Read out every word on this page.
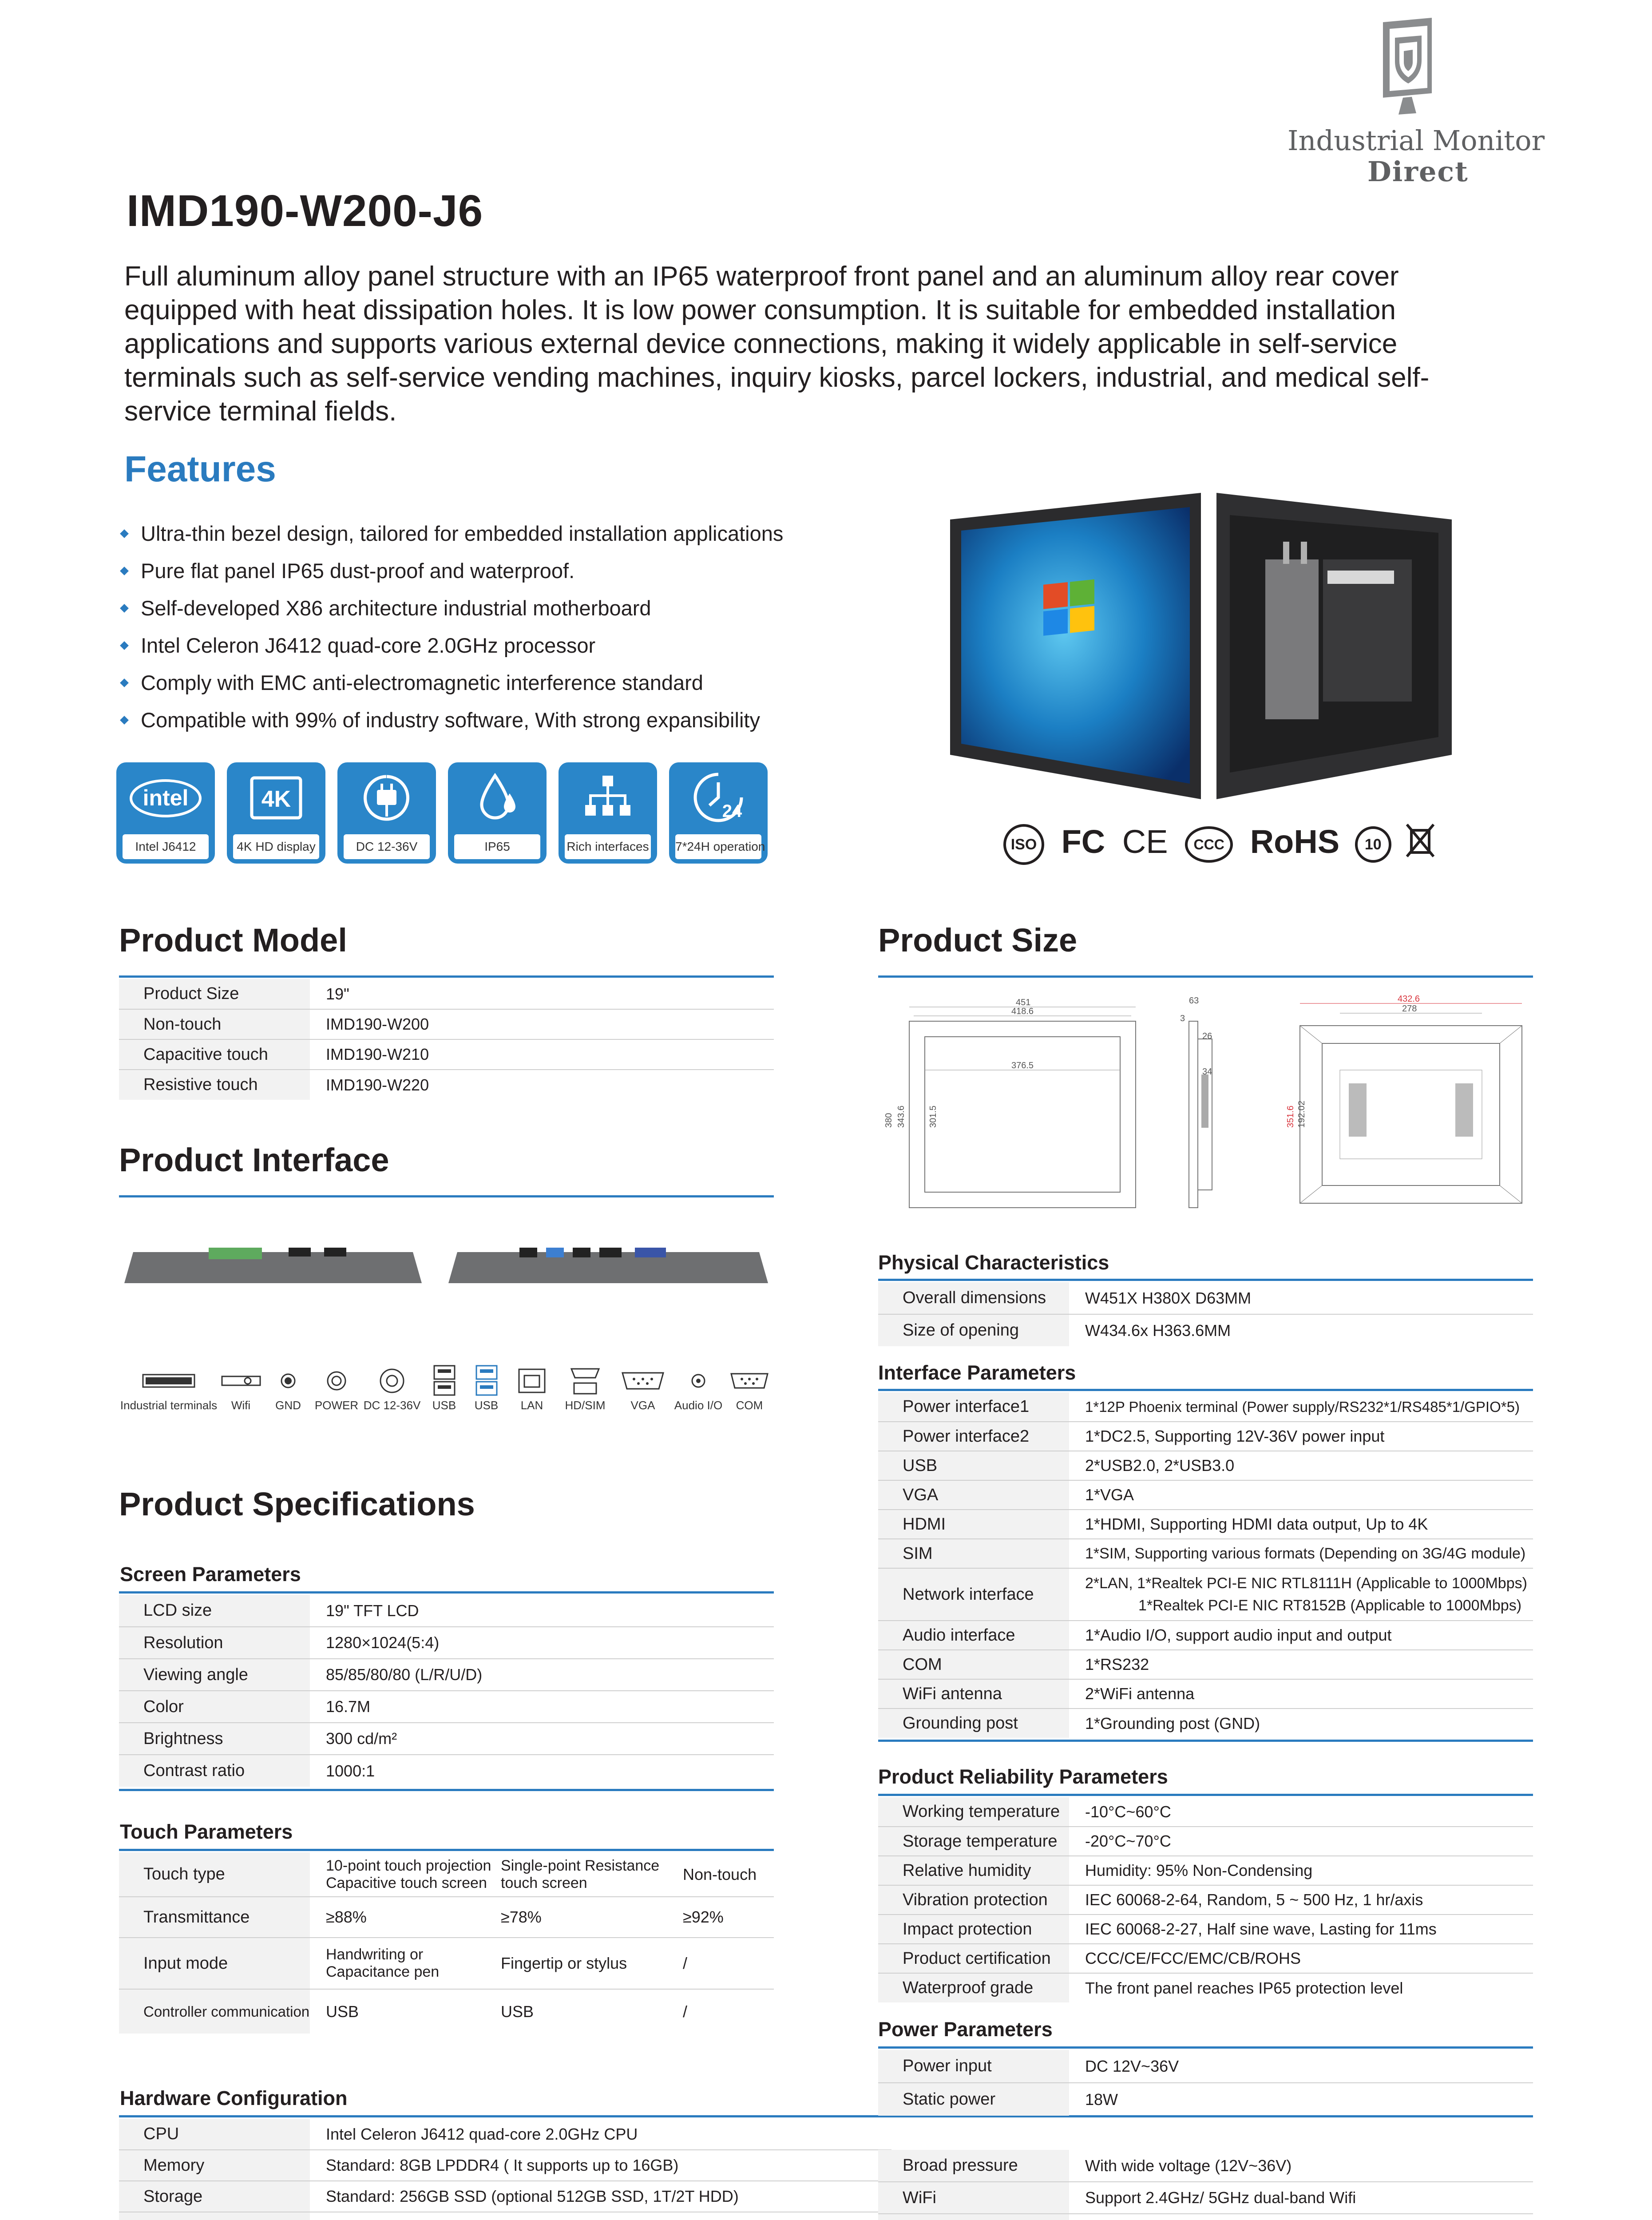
Industrial Monitor
Direct
IMD190-W200-J6
Full aluminum alloy panel structure with an IP65 waterproof front panel and an aluminum alloy rear cover equipped with heat dissipation holes. It is low power consumption. It is suitable for embedded installation applications and supports various external device connections, making it widely applicable in self-service terminals such as self-service vending machines, inquiry kiosks, parcel lockers, industrial, and medical self-service terminal fields.
Features
Ultra-thin bezel design, tailored for embedded installation applications
Pure flat panel IP65 dust-proof and waterproof.
Self-developed X86 architecture industrial motherboard
Intel Celeron J6412 quad-core 2.0GHz processor
Comply with EMC anti-electromagnetic interference standard
Compatible with 99% of industry software, With strong expansibility
intel
Intel J6412
4K
4K HD display	DC 12-36V	IP65	Rich interfaces
24
7*24H operation	ISO FC CE CCC RoHS 10
Product Model
Product Size	19"
Non-touch	IMD190-W200
Capacitive touch	IMD190-W210
Resistive touch	IMD190-W220
Product Interface
Industrial terminals Wifi GND POWER DC 12-36V USB USB LAN HD/SIM VGA Audio I/O COM
Product Specifications
Screen Parameters
LCD size	19" TFT LCD
Resolution	1280×1024(5:4)
Viewing angle	85/85/80/80 (L/R/U/D)
Color	16.7M
Brightness	300 cd/m²
Contrast ratio	1000:1
Touch Parameters
Touch type	10-point touch projection Capacitive touch screen	Single-point Resistance touch screen	Non-touch
Transmittance	≥88%	≥78%	≥92%
Input mode	Handwriting or Capacitance pen	Fingertip or stylus	/
Controller communication	USB	USB	/
Hardware Configuration
CPU	Intel Celeron J6412 quad-core 2.0GHz CPU
Memory	Standard: 8GB LPDDR4 ( It supports up to 16GB)
Storage	Standard: 256GB SSD (optional 512GB SSD, 1T/2T HDD)

Product Size
451
418.6
376.5
380 343.6	301.5
63
3
26
34
432.6
278
351.6 192.02
Physical Characteristics
Overall dimensions	W451X H380X D63MM
Size of opening	W434.6x H363.6MM
Interface Parameters
Power interface1	1*12P Phoenix terminal (Power supply/RS232*1/RS485*1/GPIO*5)
Power interface2	1*DC2.5, Supporting 12V-36V power input
USB	2*USB2.0, 2*USB3.0
VGA	1*VGA
HDMI	1*HDMI, Supporting HDMI data output, Up to 4K
SIM	1*SIM, Supporting various formats (Depending on 3G/4G module)
Network interface	2*LAN, 1*Realtek PCI-E NIC RTL8111H (Applicable to 1000Mbps)
1*Realtek PCI-E NIC RT8152B (Applicable to 1000Mbps)

Audio interface	1*Audio I/O, support audio input and output
COM	1*RS232
WiFi antenna	2*WiFi antenna
Grounding post	1*Grounding post (GND)
Product Reliability Parameters
Working temperature	-10°C~60°C
Storage temperature	-20°C~70°C
Relative humidity	Humidity: 95% Non-Condensing
Vibration protection	IEC 60068-2-64, Random, 5 ~ 500 Hz, 1 hr/axis
Impact protection	IEC 60068-2-27, Half sine wave, Lasting for 11ms
Product certification	CCC/CE/FCC/EMC/CB/ROHS
Waterproof grade	The front panel reaches IP65 protection level
Power Parameters
Power input	DC 12V~36V
Static power	18W
Broad pressure	With wide voltage (12V~36V)
WiFi	Support 2.4GHz/ 5GHz dual-band Wifi
